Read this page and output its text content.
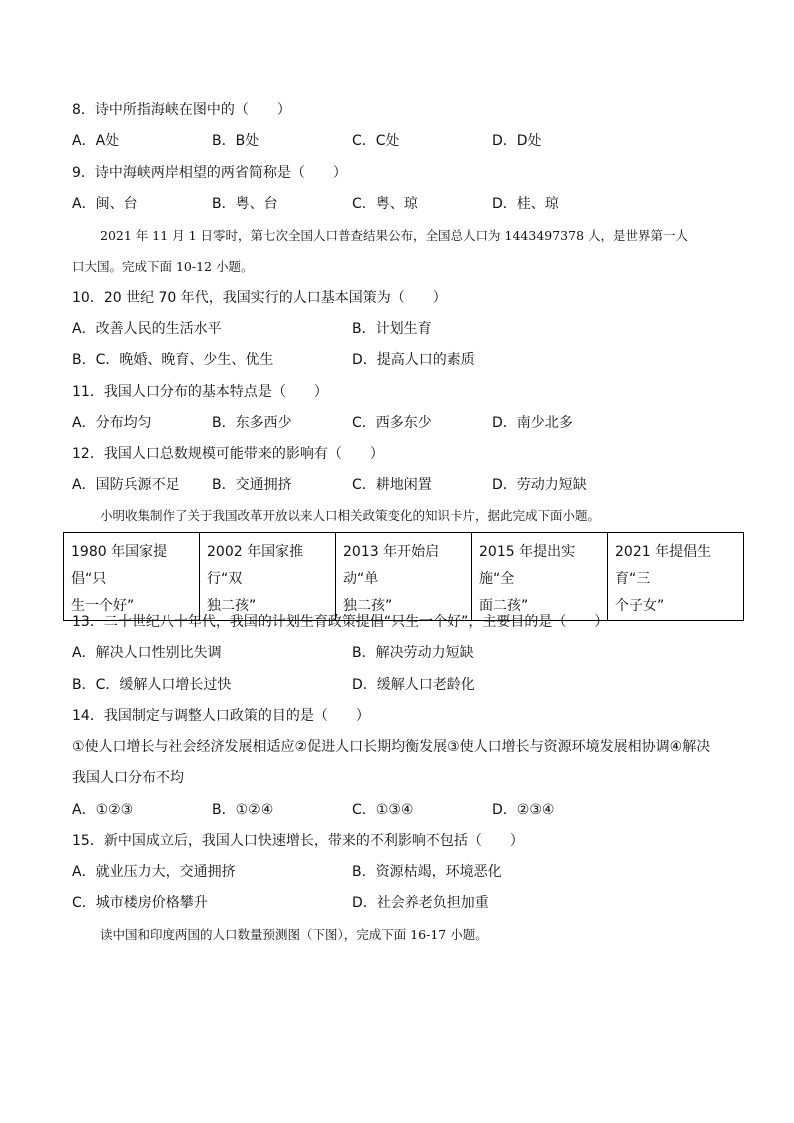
8．诗中所指海峡在图中的（　　）
A．A处	B．B处	C．C处	D．D处
9．诗中海峡两岸相望的两省简称是（　　）
A．闽、台	B．粤、台	C．粤、琼	D．桂、琼
2021 年 11 月 1 日零时，第七次全国人口普查结果公布，全国总人口为 1443497378 人，是世界第一人
口大国。完成下面 10-12 小题。
10．20 世纪 70 年代，我国实行的人口基本国策为（　　）
A．改善人民的生活水平	B．计划生育
B．C．晚婚、晚育、少生、优生	D．提高人口的素质
11．我国人口分布的基本特点是（　　）
A．分布均匀	B．东多西少	C．西多东少	D．南少北多
12．我国人口总数规模可能带来的影响有（　　）
A．国防兵源不足 B．交通拥挤	C．耕地闲置	D．劳动力短缺
小明收集制作了关于我国改革开放以来人口相关政策变化的知识卡片，据此完成下面小题。
1980 年国家提倡“只
生一个好”	2002 年国家推行“双
独二孩”	2013 年开始启动“单
独二孩”	2015 年提出实施“全
面二孩”	2021 年提倡生育“三
个子女”
13．二十世纪八十年代，我国的计划生育政策提倡“只生一个好”，主要目的是（　　）
A．解决人口性别比失调	B．解决劳动力短缺
B．C．缓解人口增长过快	D．缓解人口老龄化
14．我国制定与调整人口政策的目的是（　　）
①使人口增长与社会经济发展相适应②促进人口长期均衡发展③使人口增长与资源环境发展相协调④解决
我国人口分布不均
A．①②③	B．①②④	C．①③④	D．②③④
15．新中国成立后，我国人口快速增长，带来的不利影响不包括（　　）
A．就业压力大，交通拥挤	B．资源枯竭，环境恶化
C．城市楼房价格攀升	D．社会养老负担加重
读中国和印度两国的人口数量预测图（下图），完成下面 16-17 小题。
